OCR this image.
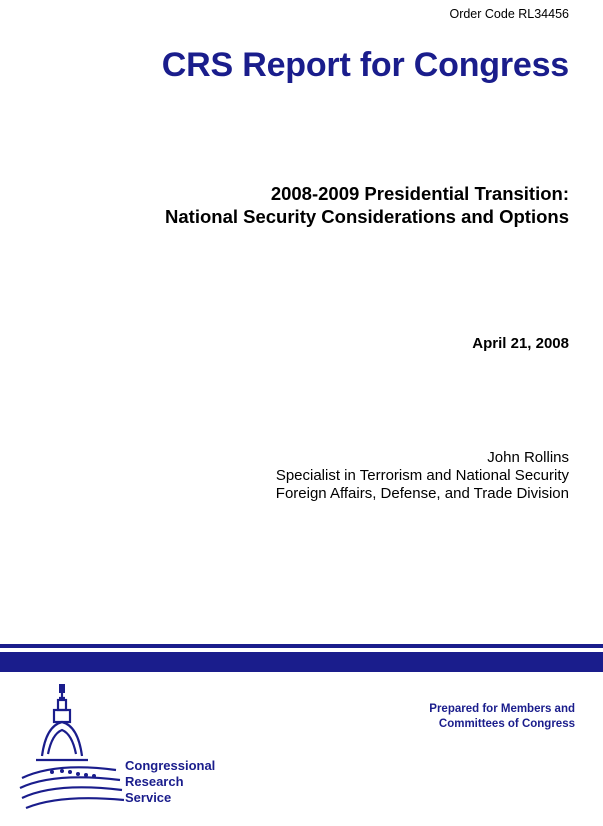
Order Code RL34456
CRS Report for Congress
2008-2009 Presidential Transition:
National Security Considerations and Options
April 21, 2008
John Rollins
Specialist in Terrorism and National Security
Foreign Affairs, Defense, and Trade Division
Prepared for Members and
Committees of Congress
Congressional
Research
Service
